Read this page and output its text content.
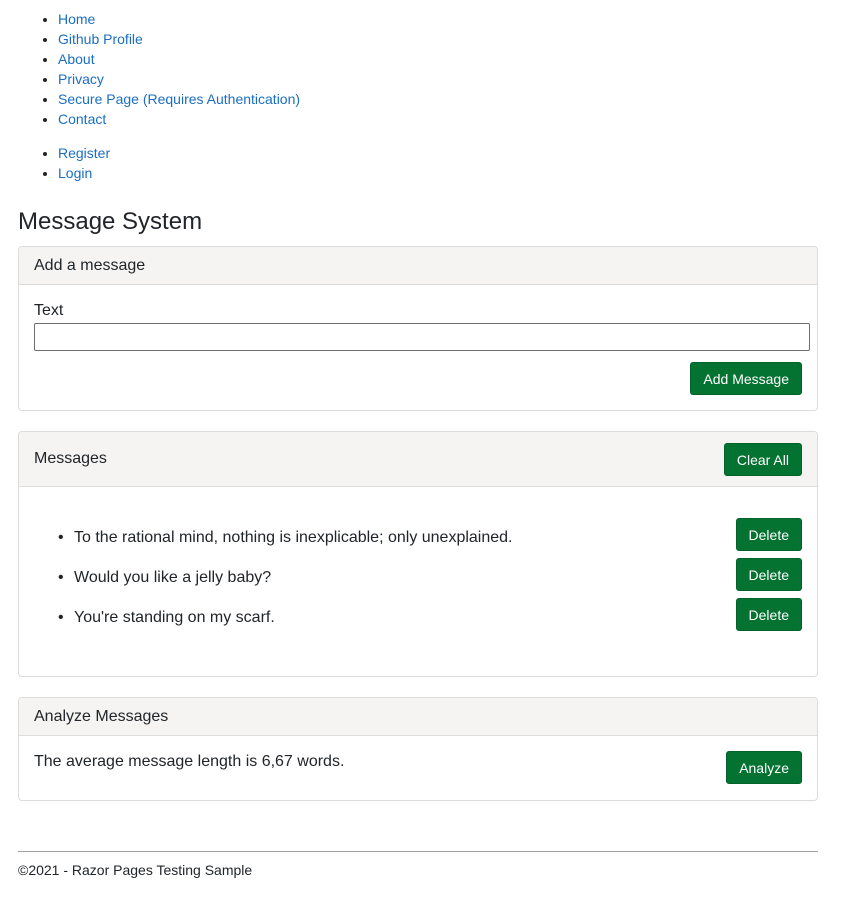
• Home
• Github Profile
• About
• Privacy
• Secure Page (Requires Authentication)
• Contact
• Register
• Login
Message System
Add a message
Text
Add Message
Messages	Clear All
• To the rational mind, nothing is inexplicable; only unexplained.	Delete
• Would you like a jelly baby?	Delete
• You're standing on my scarf.	Delete
Analyze Messages
The average message length is 6,67 words.	Analyze
©2021 - Razor Pages Testing Sample
